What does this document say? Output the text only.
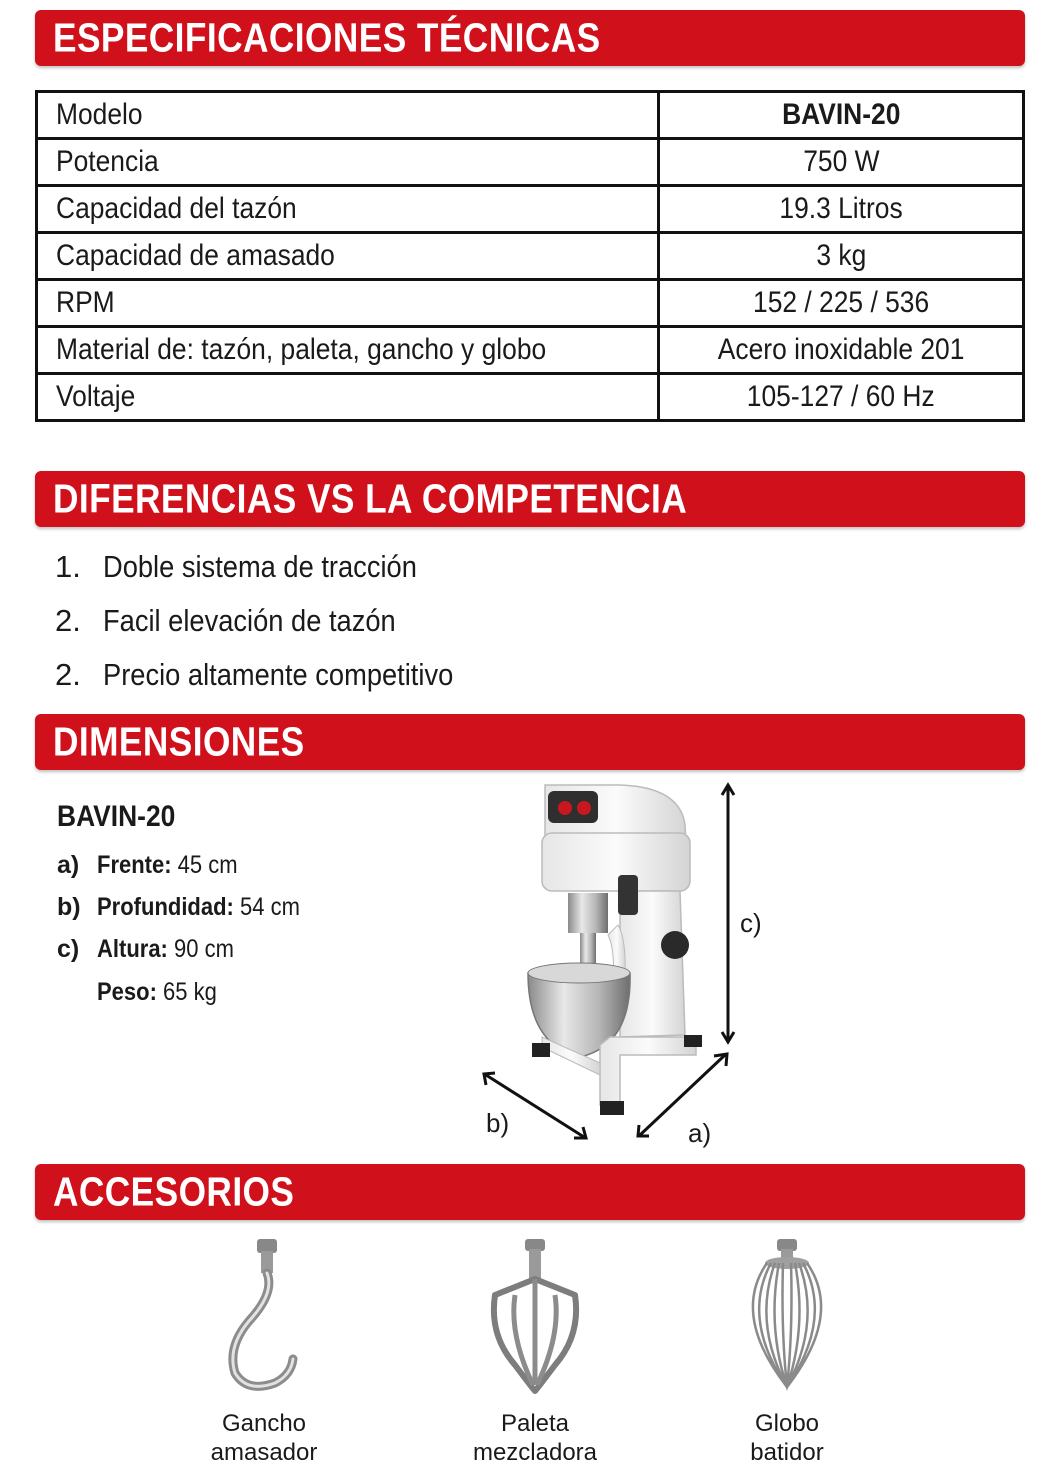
ESPECIFICACIONES TÉCNICAS
Modelo	BAVIN-20
Potencia	750 W
Capacidad del tazón	19.3 Litros
Capacidad de amasado	3 kg
RPM	152 / 225 / 536
Material de: tazón, paleta, gancho y globo	Acero inoxidable 201
Voltaje	105-127 / 60 Hz
DIFERENCIAS VS LA COMPETENCIA
1. Doble sistema de tracción
2. Facil elevación de tazón
2. Precio altamente competitivo
DIMENSIONES
BAVIN-20
a) Frente: 45 cm
b) Profundidad: 54 cm
c) Altura: 90 cm
Peso: 65 kg
c)
b)	a)
ACCESORIOS
Gancho
amasador
Paleta
mezcladora
Globo
batidor
